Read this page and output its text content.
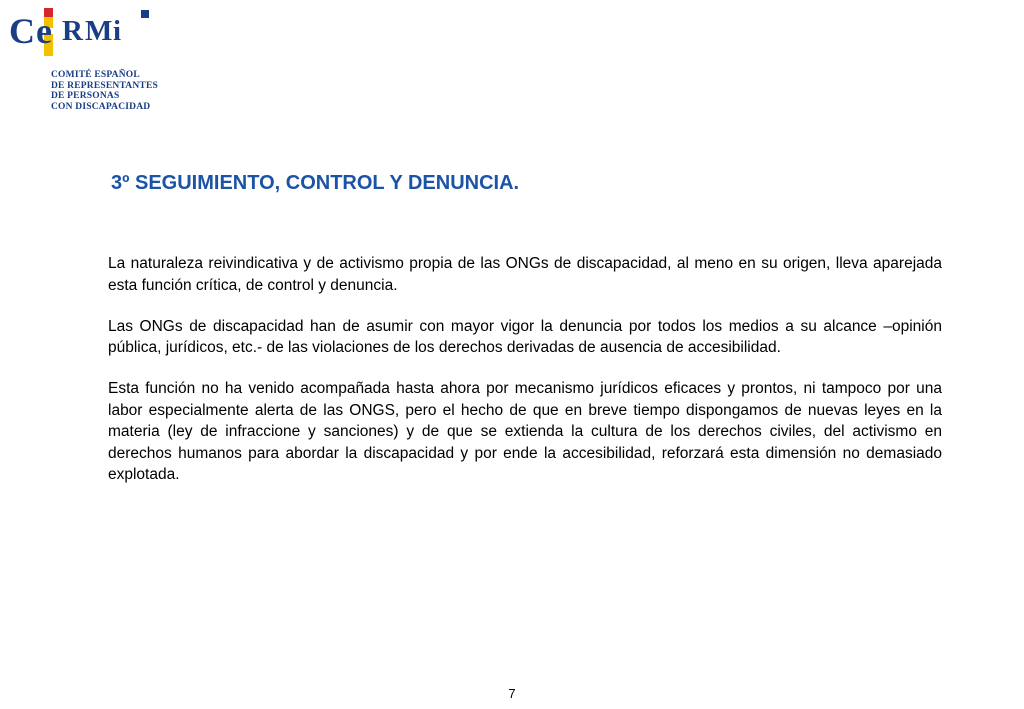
C e R M i
COMITÉ ESPAÑOL
DE REPRESENTANTES
DE PERSONAS
CON DISCAPACIDAD
3º SEGUIMIENTO, CONTROL Y DENUNCIA.

La naturaleza reivindicativa y de activismo propia de las ONGs de discapacidad, al meno en su origen, lleva aparejada esta función crítica, de control y denuncia.

Las ONGs de discapacidad han de asumir con mayor vigor la denuncia por todos los medios a su alcance –opinión pública, jurídicos, etc.- de las violaciones de los derechos derivadas de ausencia de accesibilidad.

Esta función no ha venido acompañada hasta ahora por mecanismo jurídicos eficaces y prontos, ni tampoco por una labor especialmente alerta de las ONGS, pero el hecho de que en breve tiempo dispongamos de nuevas leyes en la materia (ley de infraccione y sanciones) y de que se extienda la cultura de los derechos civiles, del activismo en derechos humanos para abordar la discapacidad y por ende la accesibilidad, reforzará esta dimensión no demasiado explotada.

7
